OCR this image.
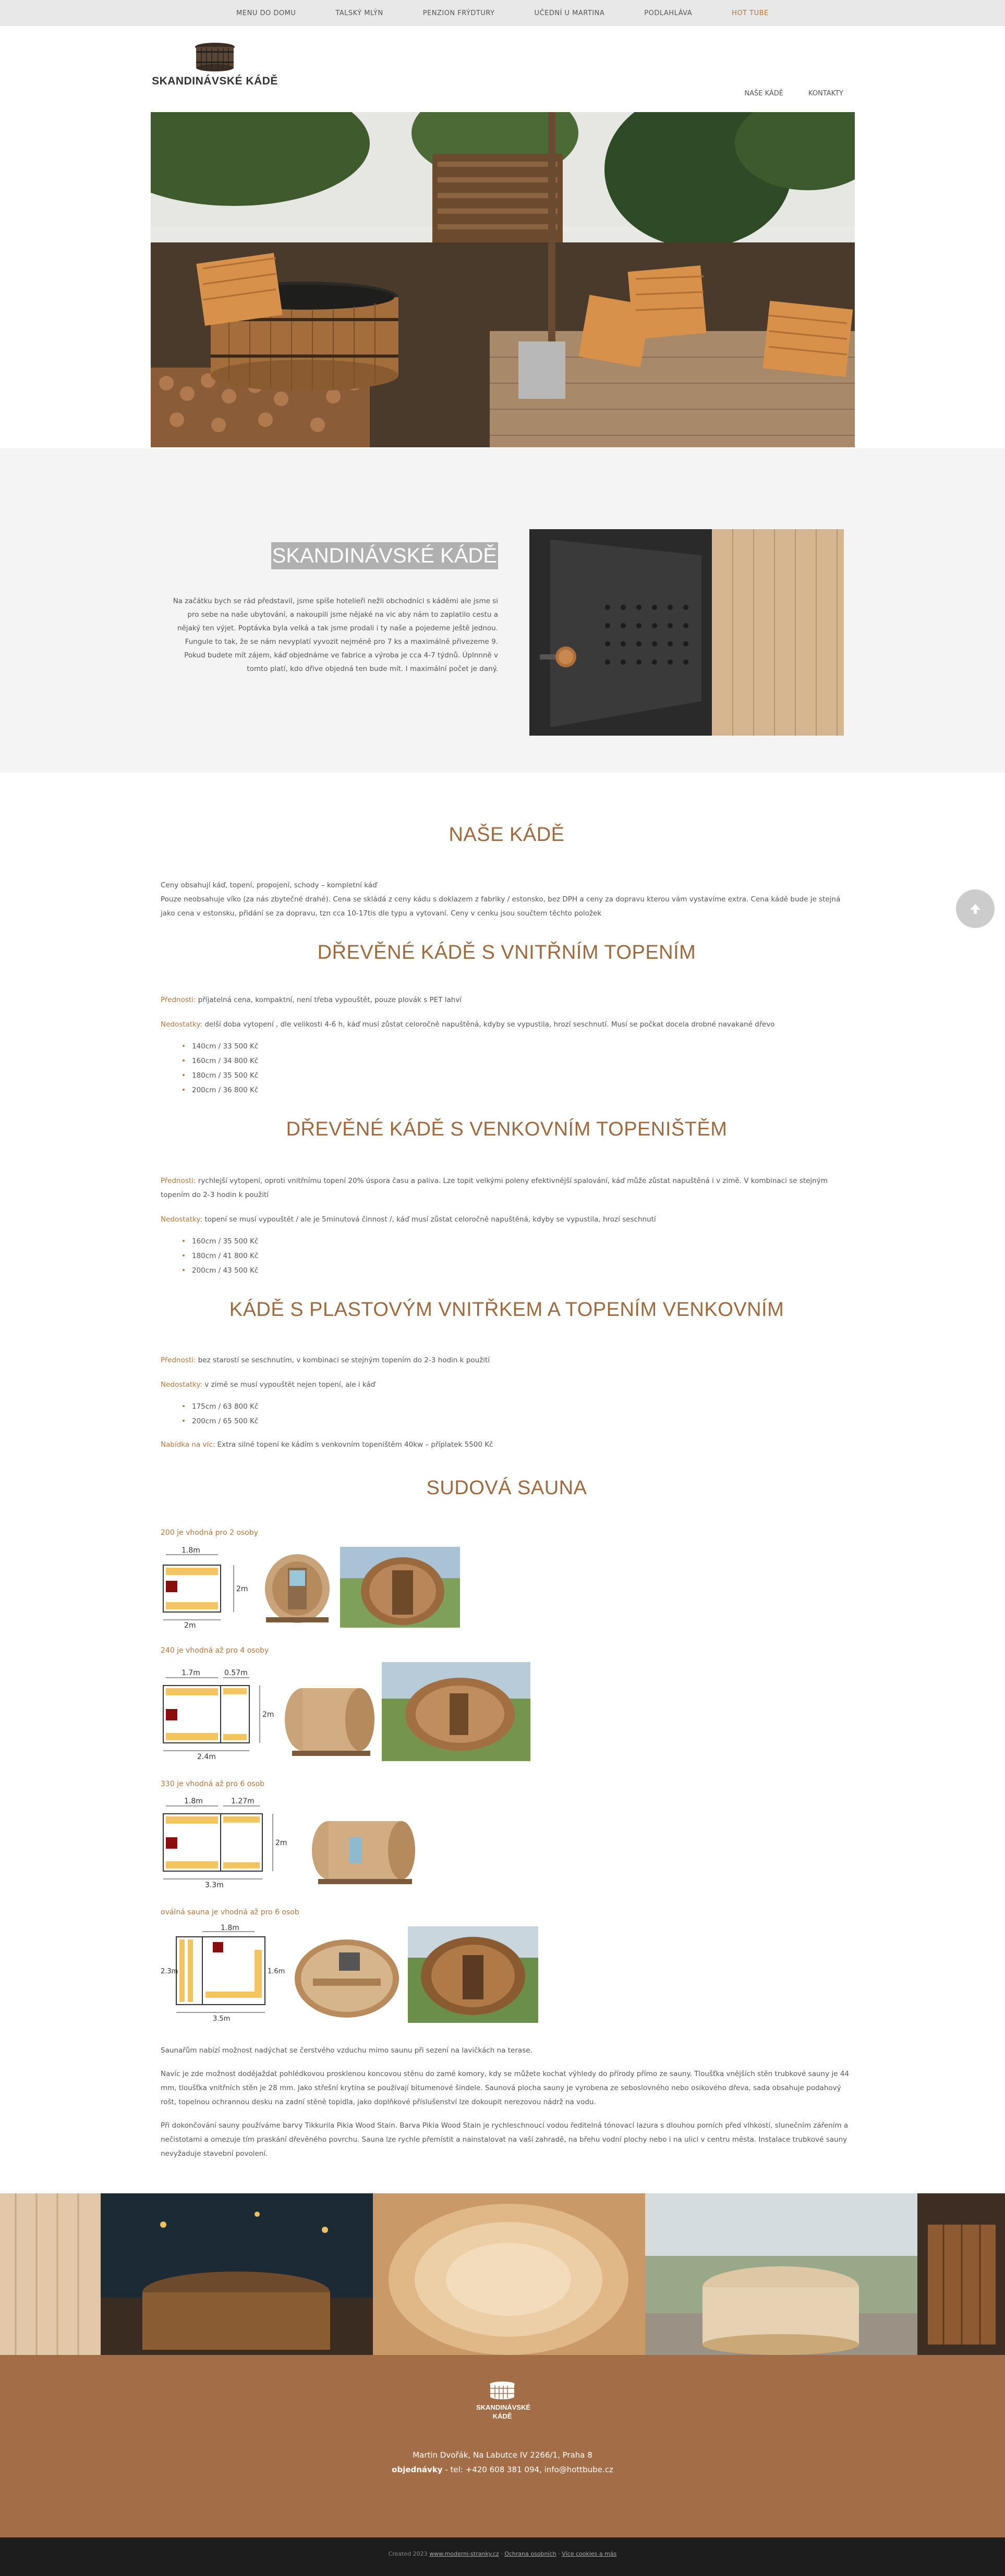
MENU DO DOMU	TALSKÝ MLÝN	PENZION FRÝDTURY	UČEDNÍ U MARTINA	PODLAHLÁVA	HOT TUBE
SKANDINÁVSKÉ KÁDĚ
NAŠE KÁDĚ	KONTAKTY
SKANDINÁVSKÉ KÁDĚ

Na začátku bych se rád představil, jsme spíše hotelieři nežli obchodníci s káděmi ale jsme si pro sebe na naše ubytování, a nakoupili jsme nějaké na vic aby nám to zaplatilo cestu a nějaký ten výjet. Poptávka byla velká a tak jsme prodali i ty naše a pojedeme ještě jednou. Fungule to tak, že se nám nevyplatí vyvozit nejméně pro 7 ks a maximálně přivezeme 9. Pokud budete mít zájem, káď objednáme ve fabrice a výroba je cca 4-7 týdnů. Úplnnně v tomto platí, kdo dřive objedná ten bude mít. I maximální počet je daný.

NAŠE KÁDĚ

Ceny obsahují káď, topení, propojení, schody – kompletní káď

Pouze neobsahuje víko (za nás zbytečné drahé). Cena se skládá z ceny kádu s doklazem z fabriky / estonsko, bez DPH a ceny za dopravu kterou vám vystavíme extra. Cena kádě bude je stejná jako cena v estonsku, přidání se za dopravu, tzn cca 10-17tis dle typu a vytovaní. Ceny v cenku jsou součtem těchto položek

DŘEVĚNÉ KÁDĚ S VNITŘNÍM TOPENÍM

Přednosti: příjatelná cena, kompaktní, není třeba vypouštět, pouze plovák s PET lahví

Nedostatky: delší doba vytopení , dle velikosti 4-6 h, káď musí zůstat celoročně napuštěná, kdyby se vypustila, hrozí seschnutí. Musí se počkat docela drobné navakané dřevo

• 140cm / 33 500 Kč
• 160cm / 34 800 Kč
• 180cm / 35 500 Kč
• 200cm / 36 800 Kč
DŘEVĚNÉ KÁDĚ S VENKOVNÍM TOPENIŠTĚM

Přednosti: rychlejší vytopení, oproti vnitřnímu topení 20% úspora času a paliva. Lze topit velkými poleny efektivnější spalování, káď může zůstat napuštěná i v zimě. V kombinaci se stejným topením do 2-3 hodin k použití

Nedostatky: topení se musí vypouštět / ale je 5minutová činnost /, káď musí zůstat celoročně napuštěná, kdyby se vypustila, hrozí seschnutí

• 160cm / 35 500 Kč
• 180cm / 41 800 Kč
• 200cm / 43 500 Kč
KÁDĚ S PLASTOVÝM VNITŘKEM A TOPENÍM VENKOVNÍM

Přednosti: bez starostí se seschnutím, v kombinaci se stejným topením do 2-3 hodin k použití

Nedostatky: v zimě se musí vypouštět nejen topení, ale i káď

• 175cm / 63 800 Kč
• 200cm / 65 500 Kč

Nabídka na víc: Extra silné topení ke kádím s venkovním topeništěm 40kw – příplatek 5500 Kč

SUDOVÁ SAUNA

200 je vhodná pro 2 osoby

1.8m
2m
2m

240 je vhodná až pro 4 osoby

1.7m	0.57m
2m
2.4m

330 je vhodná až pro 6 osob

1.8m	1.27m
2m
3.3m

oválná sauna je vhodná až pro 6 osob

1.8m
2.3m	1.6m
3.5m

Saunařům nabízí možnost nadýchat se čerstvého vzduchu mimo saunu při sezení na lavičkách na terase.

Navíc je zde možnost dodějaždat pohlédkovou prosklenou koncovou stěnu do zamé komory, kdy se můžete kochat výhledy do přírody přímo ze sauny. Tloušťka vnějších stěn trubkové sauny je 44 mm, tloušťka vnitřních stěn je 28 mm. Jako střešní krytina se používají bitumenové šindele. Saunová plocha sauny je vyrobena ze seboslovného nebo osikového dřeva, sada obsahuje podahový rošt, topelnou ochrannou desku na zadní stěně topidla, jako doplňkové příslušenství lze dokoupit nerezovou nádrž na vodu.

Při dokončování sauny používáme barvy Tikkurila Pikia Wood Stain. Barva Pikia Wood Stain je rychleschnoucí vodou ředitelná tónovací lazura s dlouhou pomích před vlhkostí, slunečním zářením a nečistotami a omezuje tím praskání dřevěného povrchu. Sauna lze rychle přemístit a nainstalovat na vaší zahradě, na břehu vodní plochy nebo i na ulici v centru města. Instalace trubkové sauny nevyžaduje stavební povolení.

SKANDINÁVSKÉ
KÁDĚ
Martin Dvořák, Na Labutce IV 2266/1, Praha 8
objednávky - tel: +420 608 381 094, info@hottbube.cz
Created 2023 www.moderni-stranky.cz · Ochrana osobních · Více cookies a más
